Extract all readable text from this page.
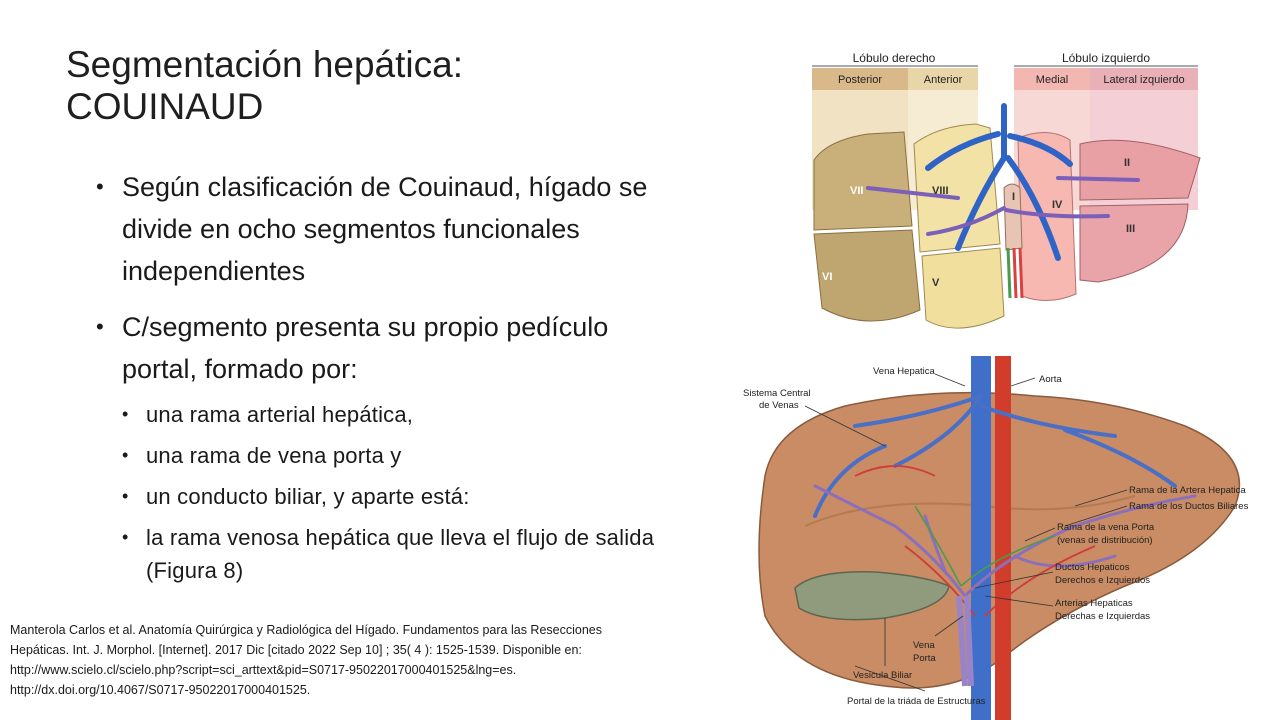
Segmentación hepática:
COUINAUD
• Según clasificación de Couinaud, hígado se divide en ocho segmentos funcionales independientes
• C/segmento presenta su propio pedículo portal, formado por:
• una rama arterial hepática,
• una rama de vena porta y
• un conducto biliar, y aparte está:
• la rama venosa hepática que lleva el flujo de salida (Figura 8)
Manterola Carlos et al. Anatomía Quirúrgica y Radiológica del Hígado. Fundamentos para las Resecciones
Hepáticas. Int. J. Morphol. [Internet]. 2017 Dic [citado 2022 Sep 10] ; 35( 4 ): 1525-1539. Disponible en:
http://www.scielo.cl/scielo.php?script=sci_arttext&pid=S0717-95022017000401525&lng=es.
http://dx.doi.org/10.4067/S0717-95022017000401525.
Lóbulo derecho	Lóbulo izquierdo
Posterior	Anterior	Medial	Lateral izquierdo
VII	VIII
VI	V
I
IV
II
III
Vena Hepatica
Aorta
Sistema Central
de Venas
Rama de la Artera Hepatica
Rama de los Ductos Biliares
Rama de la vena Porta
(venas de distribución)
Ductos Hepaticos
Derechos e Izquierdos
Arterias Hepaticas
Derechas e Izquierdas
Vena
Porta
Vesicula Biliar
Portal de la triáda de Estructuras
